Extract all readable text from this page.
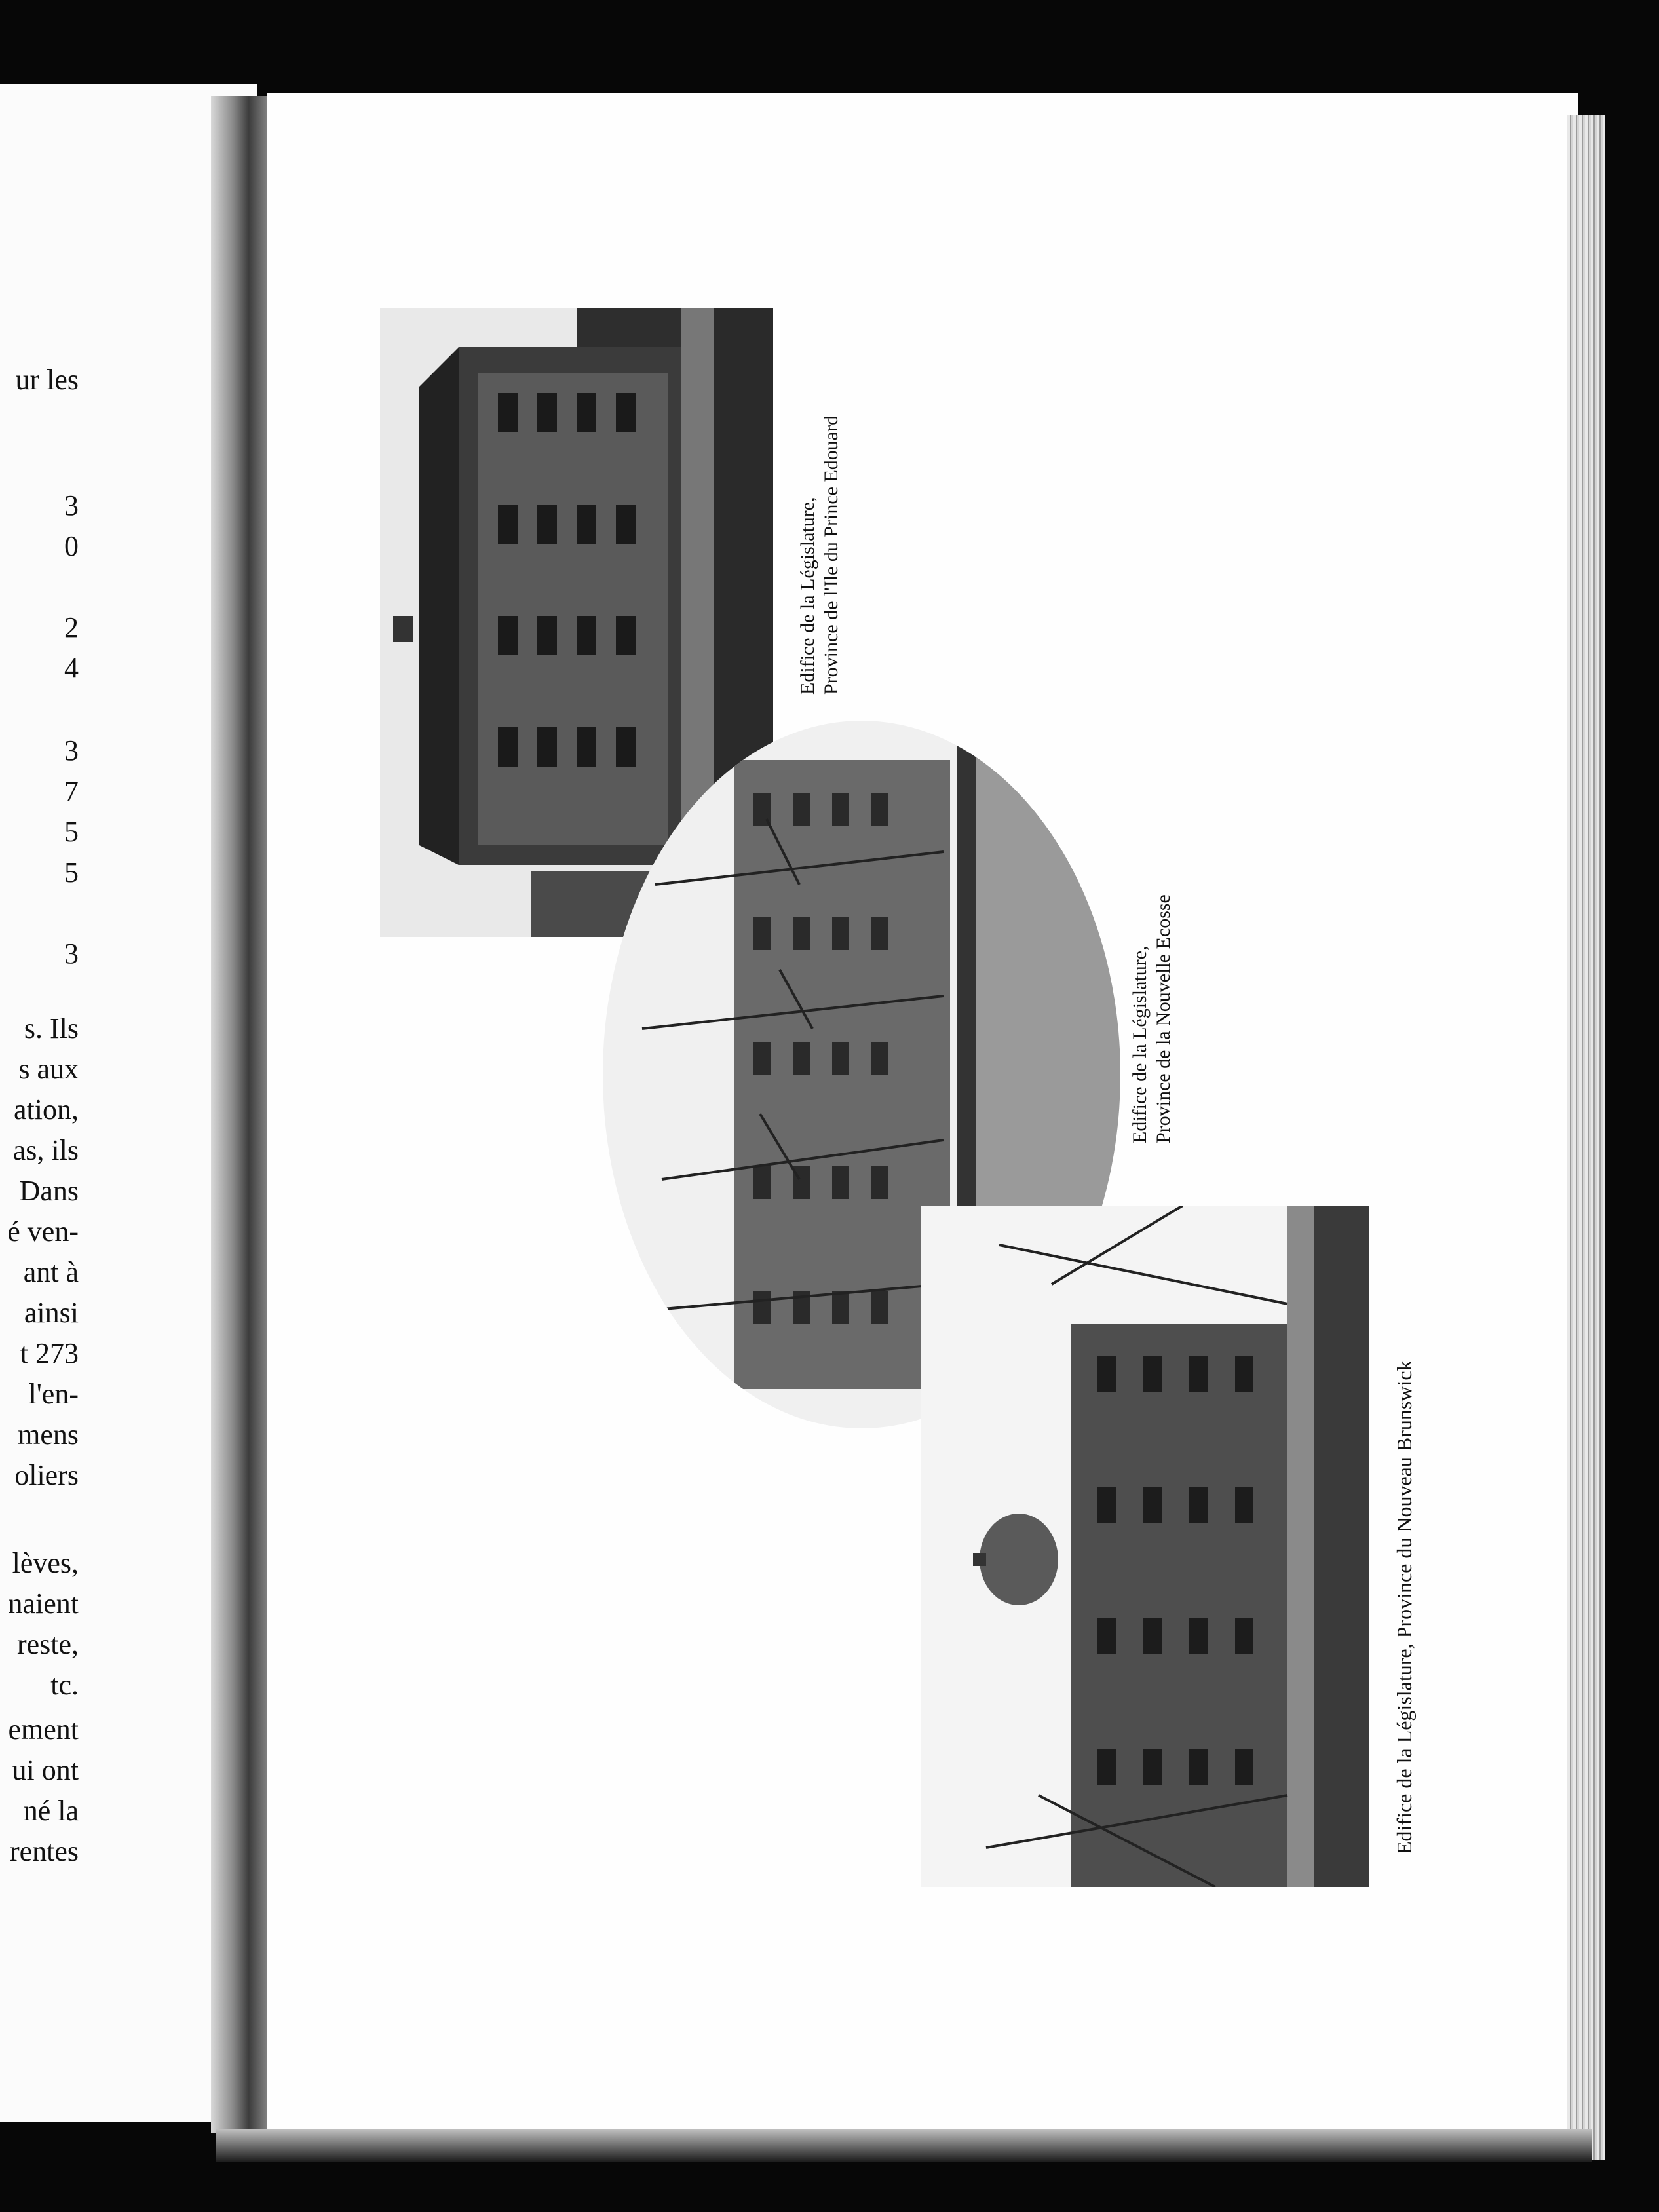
ur les
3
0
2
4
3
7
5
5
3
s. Ils
s aux
ation,
as, ils
Dans
é ven-
ant à
ainsi
t 273
l'en-
mens
oliers
lèves,
naient
reste,
tc.
ement
ui ont
né la
rentes
Edifice de la Législature, Province de l'Ile du Prince Edouard
Edifice de la Législature, Province de la Nouvelle Ecosse
Edifice de la Législature, Province du Nouveau Brunswick
